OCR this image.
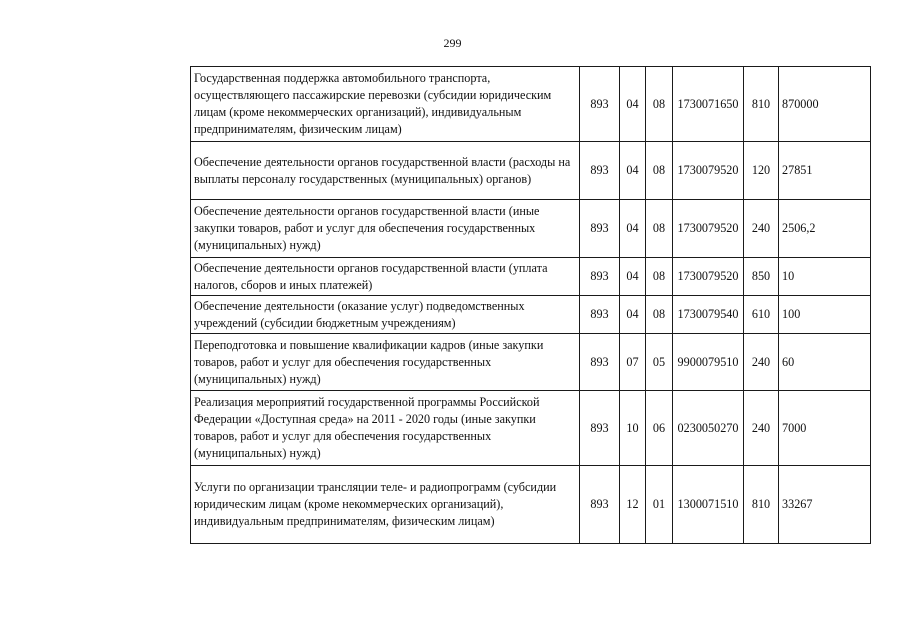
299
Государственная поддержка автомобильного транспорта, осуществляющего пассажирские перевозки (субсидии юридическим лицам (кроме некоммерческих организаций), индивидуальным предпринимателям, физическим лицам)	893	04	08	1730071650	810	870000
Обеспечение деятельности органов государственной власти (расходы на выплаты персоналу государственных (муниципальных) органов)	893	04	08	1730079520	120	27851
Обеспечение деятельности органов государственной власти (иные закупки товаров, работ и услуг для обеспечения государственных (муниципальных) нужд)	893	04	08	1730079520	240	2506,2
Обеспечение деятельности органов государственной власти (уплата налогов, сборов и иных платежей)	893	04	08	1730079520	850	10
Обеспечение деятельности (оказание услуг) подведомственных учреждений (субсидии бюджетным учреждениям)	893	04	08	1730079540	610	100
Переподготовка и повышение квалификации кадров (иные закупки товаров, работ и услуг для обеспечения государственных (муниципальных) нужд)	893	07	05	9900079510	240	60
Реализация мероприятий государственной программы Российской Федерации «Доступная среда» на 2011 - 2020 годы (иные закупки товаров, работ и услуг для обеспечения государственных (муниципальных) нужд)	893	10	06	0230050270	240	7000
Услуги по организации трансляции теле- и радиопрограмм (субсидии юридическим лицам (кроме некоммерческих организаций), индивидуальным предпринимателям, физическим лицам)	893	12	01	1300071510	810	33267
